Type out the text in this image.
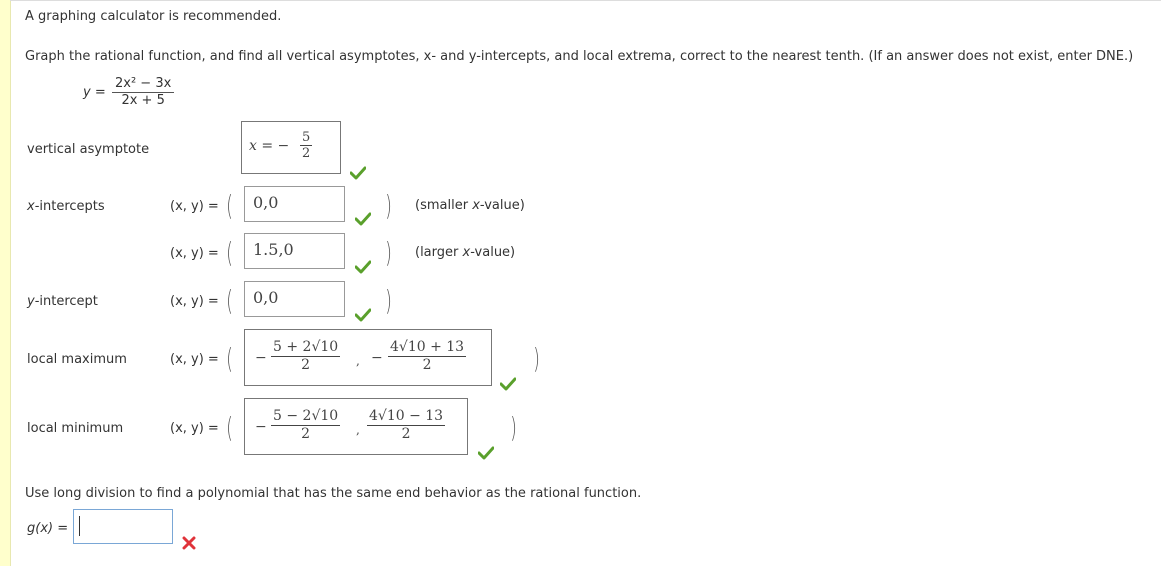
A graphing calculator is recommended.
Graph the rational function, and find all vertical asymptotes, x- and y-intercepts, and local extrema, correct to the nearest tenth. (If an answer does not exist, enter DNE.)
$y = \frac{\text{2x² − 3x}}{2x + 5}$
vertical asymptote	x = − $\frac{5}{2}$
x-intercepts	(x, y) = (	0,0	) (smaller x-value)
(x, y) = (	1.5,0	) (larger x-value)
y-intercept	(x, y) = (	0,0	)
local maximum	(x, y) = ( − $\frac{5 + 2√10}{2}$ , − $\frac{4√10 + 13}{2}$ )
local minimum	(x, y) = ( − $\frac{5 - 2√10}{2}$ , $\frac{4√10 - 13}{2}$ )
Use long division to find a polynomial that has the same end behavior as the rational function.
g(x) =
